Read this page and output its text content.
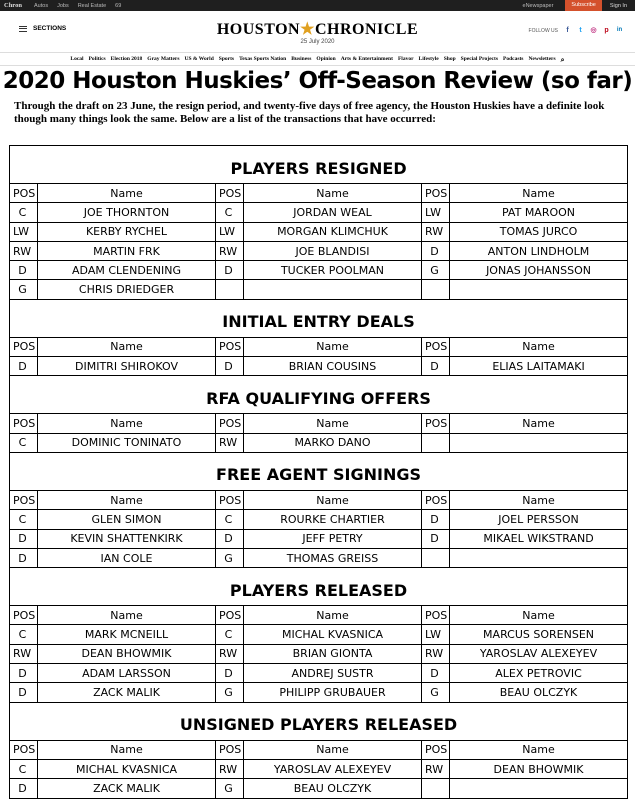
Chron Autos Jobs Real Estate 69	eNewspaper	Subscribe	Sign In
SECTIONS	HOUSTON★CHRONICLE
25 July 2020
FOLLOW US	f	t	◎ p in
Local Politics Election 2018 Gray Matters US & World Sports Texas Sports Nation Business Opinion Arts & Entertainment Flavor Lifestyle Shop Special Projects Podcasts Newsletters ⌕
2020 Houston Huskies’ Off-Season Review (so far)

Through the draft on 23 June, the resign period, and twenty-five days of free agency, the Houston Huskies have a definite look though many things look the same. Below are a list of the transactions that have occurred:

PLAYERS RESIGNED					
POS	Name	POS	Name	POS	Name
C	JOE THORNTON	C	JORDAN WEAL	LW	PAT MAROON
LW	KERBY RYCHEL	LW	MORGAN KLIMCHUK	RW	TOMAS JURCO
RW	MARTIN FRK	RW	JOE BLANDISI	D	ANTON LINDHOLM
D	ADAM CLENDENING	D	TUCKER POOLMAN	G	JONAS JOHANSSON
G	CHRIS DRIEDGER				
INITIAL ENTRY DEALS					
POS	Name	POS	Name	POS	Name
D	DIMITRI SHIROKOV	D	BRIAN COUSINS	D	ELIAS LAITAMAKI
RFA QUALIFYING OFFERS					
POS	Name	POS	Name	POS	Name
C	DOMINIC TONINATO	RW	MARKO DANO		
FREE AGENT SIGNINGS					
POS	Name	POS	Name	POS	Name
C	GLEN SIMON	C	ROURKE CHARTIER	D	JOEL PERSSON
D	KEVIN SHATTENKIRK	D	JEFF PETRY	D	MIKAEL WIKSTRAND
D	IAN COLE	G	THOMAS GREISS		
PLAYERS RELEASED					
POS	Name	POS	Name	POS	Name
C	MARK MCNEILL	C	MICHAL KVASNICA	LW	MARCUS SORENSEN
RW	DEAN BHOWMIK	RW	BRIAN GIONTA	RW	YAROSLAV ALEXEYEV
D	ADAM LARSSON	D	ANDREJ SUSTR	D	ALEX PETROVIC
D	ZACK MALIK	G	PHILIPP GRUBAUER	G	BEAU OLCZYK
UNSIGNED PLAYERS RELEASED					
POS	Name	POS	Name	POS	Name
C	MICHAL KVASNICA	RW	YAROSLAV ALEXEYEV	RW	DEAN BHOWMIK
D	ZACK MALIK	G	BEAU OLCZYK		
